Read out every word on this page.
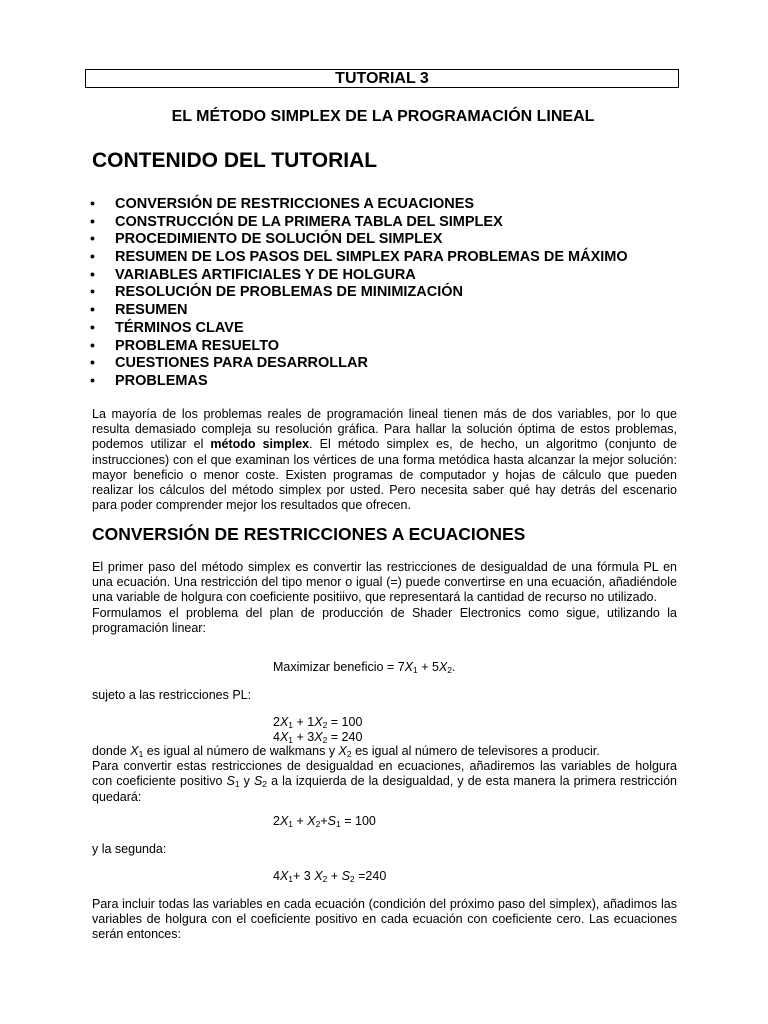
TUTORIAL 3
EL MÉTODO SIMPLEX DE LA PROGRAMACIÓN LINEAL
CONTENIDO DEL TUTORIAL
• CONVERSIÓN DE RESTRICCIONES A ECUACIONES
• CONSTRUCCIÓN DE LA PRIMERA TABLA DEL SIMPLEX
• PROCEDIMIENTO DE SOLUCIÓN DEL SIMPLEX
• RESUMEN DE LOS PASOS DEL SIMPLEX PARA PROBLEMAS DE MÁXIMO
• VARIABLES ARTIFICIALES Y DE HOLGURA
• RESOLUCIÓN DE PROBLEMAS DE MINIMIZACIÓN
• RESUMEN
• TÉRMINOS CLAVE
• PROBLEMA RESUELTO
• CUESTIONES PARA DESARROLLAR
• PROBLEMAS
La mayoría de los problemas reales de programación lineal tienen más de dos variables, por lo que resulta demasiado compleja su resolución gráfica. Para hallar la solución óptima de estos problemas, podemos utilizar el método simplex. El método simplex es, de hecho, un algoritmo (conjunto de instrucciones) con el que examinan los vértices de una forma metódica hasta alcanzar la mejor solución: mayor beneficio o menor coste. Existen programas de computador y hojas de cálculo que pueden realizar los cálculos del método simplex por usted. Pero necesita saber qué hay detrás del escenario para poder comprender mejor los resultados que ofrecen.
CONVERSIÓN DE RESTRICCIONES A ECUACIONES
El primer paso del método simplex es convertir las restricciones de desigualdad de una fórmula PL en una ecuación. Una restricción del tipo menor o igual (=) puede convertirse en una ecuación, añadiéndole una variable de holgura con coeficiente positiivo, que representará la cantidad de recurso no utilizado.
Formulamos el problema del plan de producción de Shader Electronics como sigue, utilizando la programación linear:
Maximizar beneficio = $7X_1 + 5X_2$.
sujeto a las restricciones PL:
$2X_1 + 1X_2 = 100$
$4X_1 + 3X_2 = 240$
donde $X_1$ es igual al número de walkmans y $X_2$ es igual al número de televisores a producir.
Para convertir estas restricciones de desigualdad en ecuaciones, añadiremos las variables de holgura con coeficiente positivo $S_1$ y $S_2$ a la izquierda de la desigualdad, y de esta manera la primera restricción quedará:
$2X_1 + X_2+S_1 = 100$
y la segunda:
$4X_1+ 3$ $X_2 + S_2 =240$
Para incluir todas las variables en cada ecuación (condición del próximo paso del simplex), añadimos las variables de holgura con el coeficiente positivo en cada ecuación con coeficiente cero. Las ecuaciones serán entonces:
